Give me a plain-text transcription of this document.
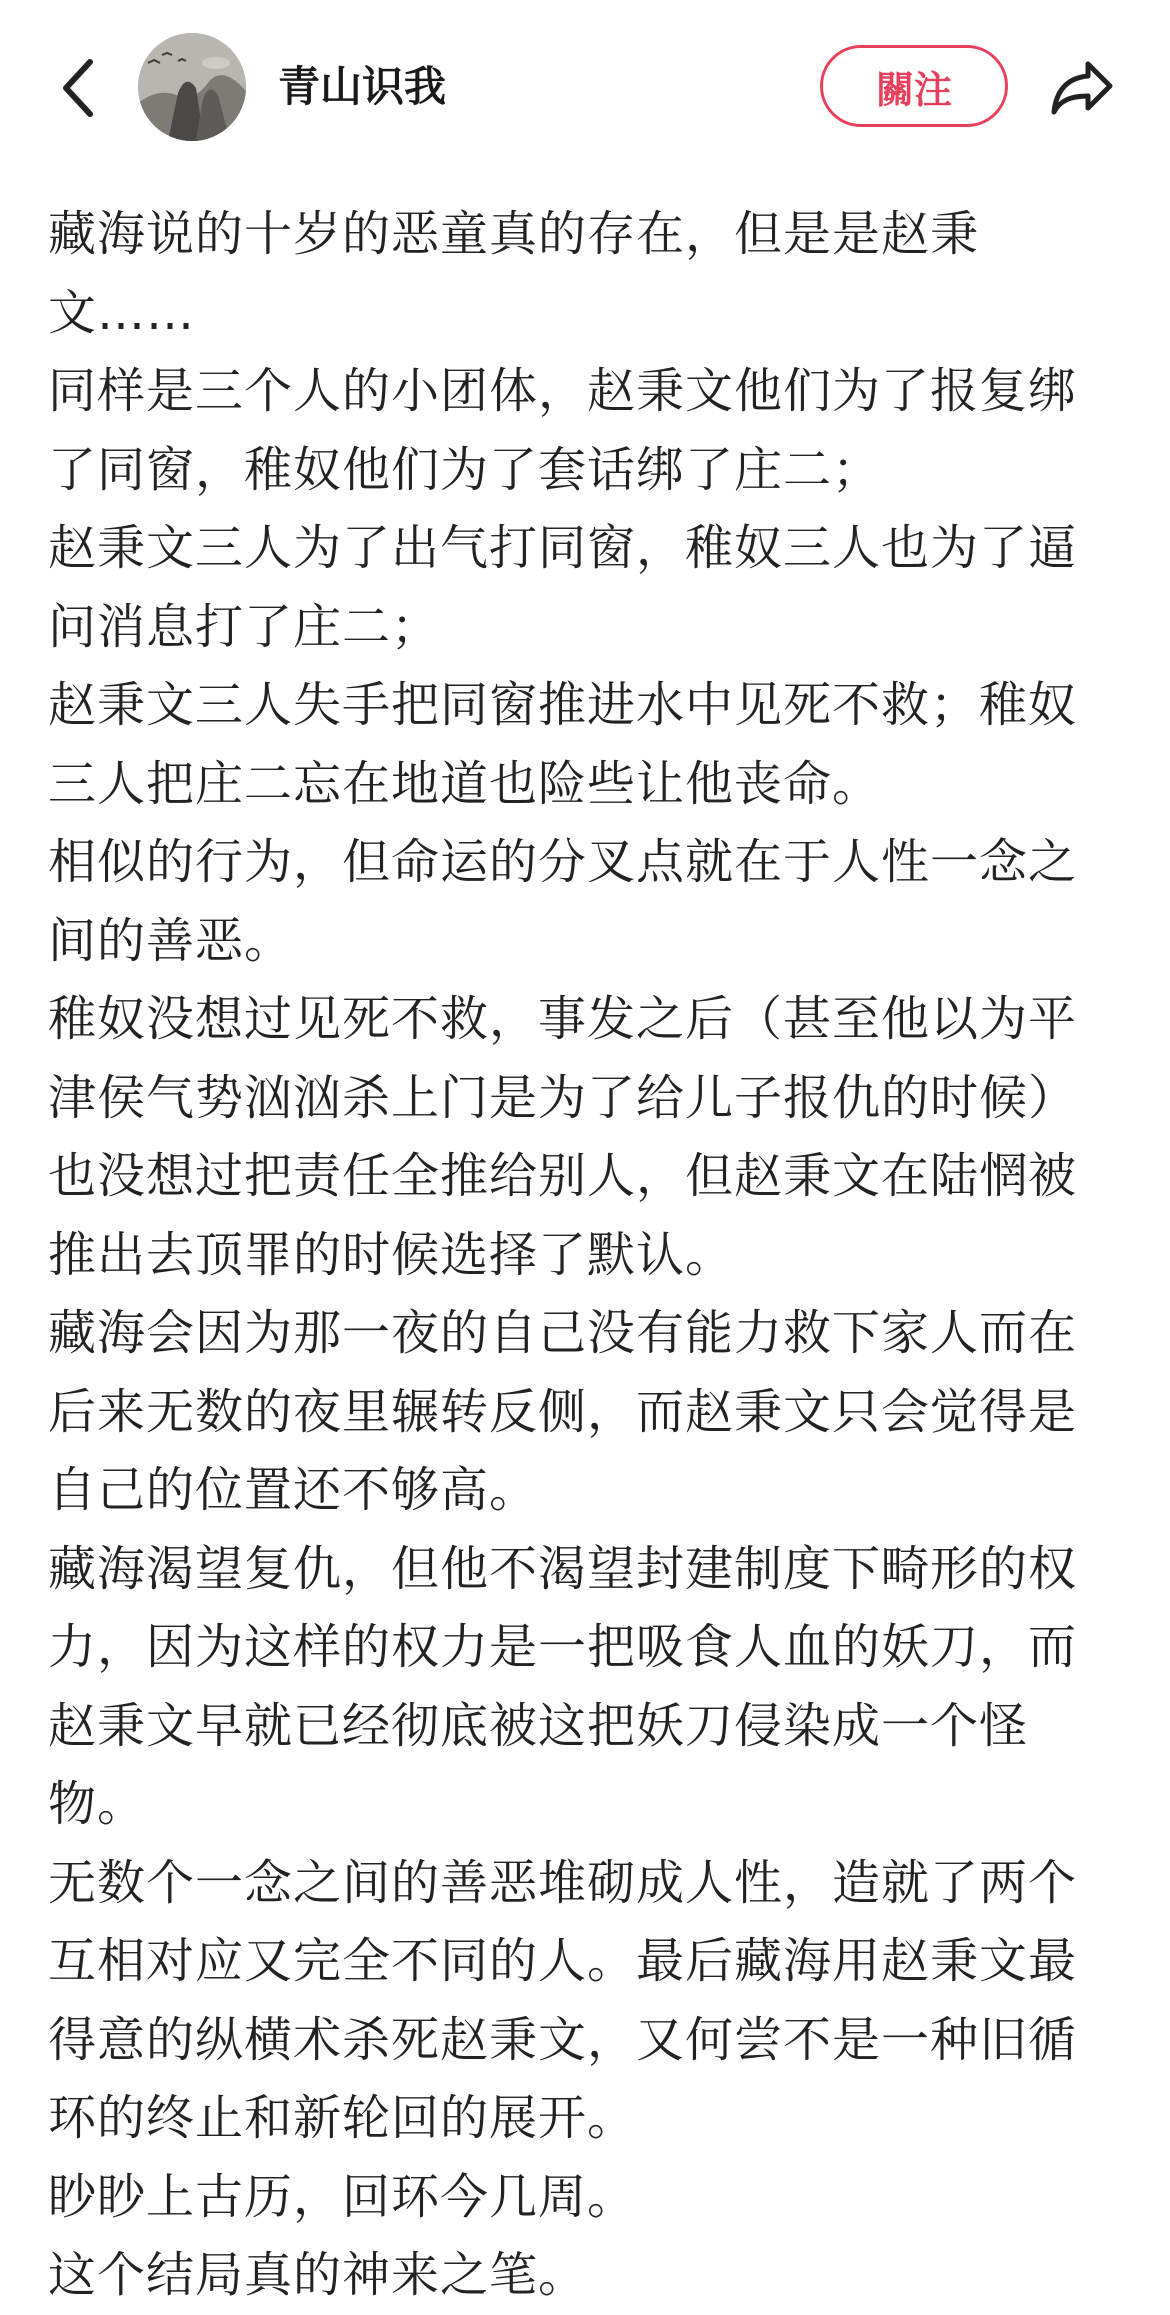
青山识我	關注

藏海说的十岁的恶童真的存在，但是是赵秉文……

同样是三个人的小团体，赵秉文他们为了报复绑了同窗，稚奴他们为了套话绑了庄二；

赵秉文三人为了出气打同窗，稚奴三人也为了逼问消息打了庄二；

赵秉文三人失手把同窗推进水中见死不救；稚奴三人把庄二忘在地道也险些让他丧命。

相似的行为，但命运的分叉点就在于人性一念之间的善恶。

稚奴没想过见死不救，事发之后（甚至他以为平津侯气势汹汹杀上门是为了给儿子报仇的时候）也没想过把责任全推给别人，但赵秉文在陆惘被推出去顶罪的时候选择了默认。

藏海会因为那一夜的自己没有能力救下家人而在后来无数的夜里辗转反侧，而赵秉文只会觉得是自己的位置还不够高。

藏海渴望复仇，但他不渴望封建制度下畸形的权力，因为这样的权力是一把吸食人血的妖刀，而赵秉文早就已经彻底被这把妖刀侵染成一个怪物。

无数个一念之间的善恶堆砌成人性，造就了两个互相对应又完全不同的人。最后藏海用赵秉文最得意的纵横术杀死赵秉文，又何尝不是一种旧循环的终止和新轮回的展开。

眇眇上古历，回环今几周。

这个结局真的神来之笔。
